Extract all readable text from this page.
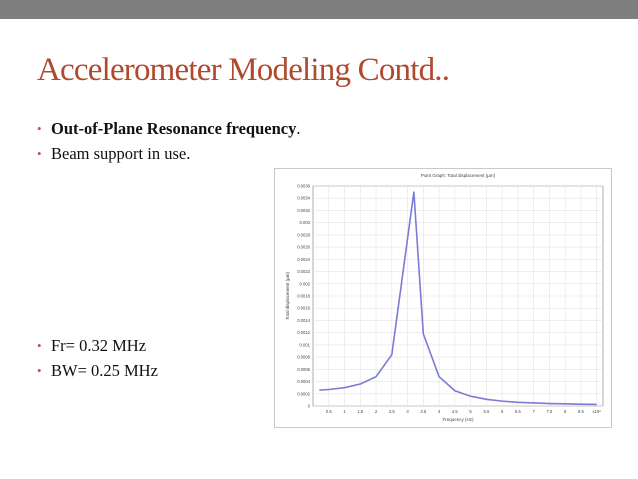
Accelerometer Modeling Contd..
• Out-of-Plane Resonance frequency.
• Beam support in use.
• Fr= 0.32 MHz
• BW= 0.25 MHz
0
0.0002
0.0004
0.0006
0.0008
0.001
0.0012
0.0014
0.0016
0.0018
0.002
0.0022
0.0024
0.0026
0.0028
0.003
0.0032
0.0034
0.0036
0.5	1	1.5	2	2.5	3	3.5	4	4.5	5	5.5	6	6.5	7	7.5	8	8.5 x10⁵
Point Graph: Total displacement (µm)
Frequency (Hz)
Total displacement (µm)
